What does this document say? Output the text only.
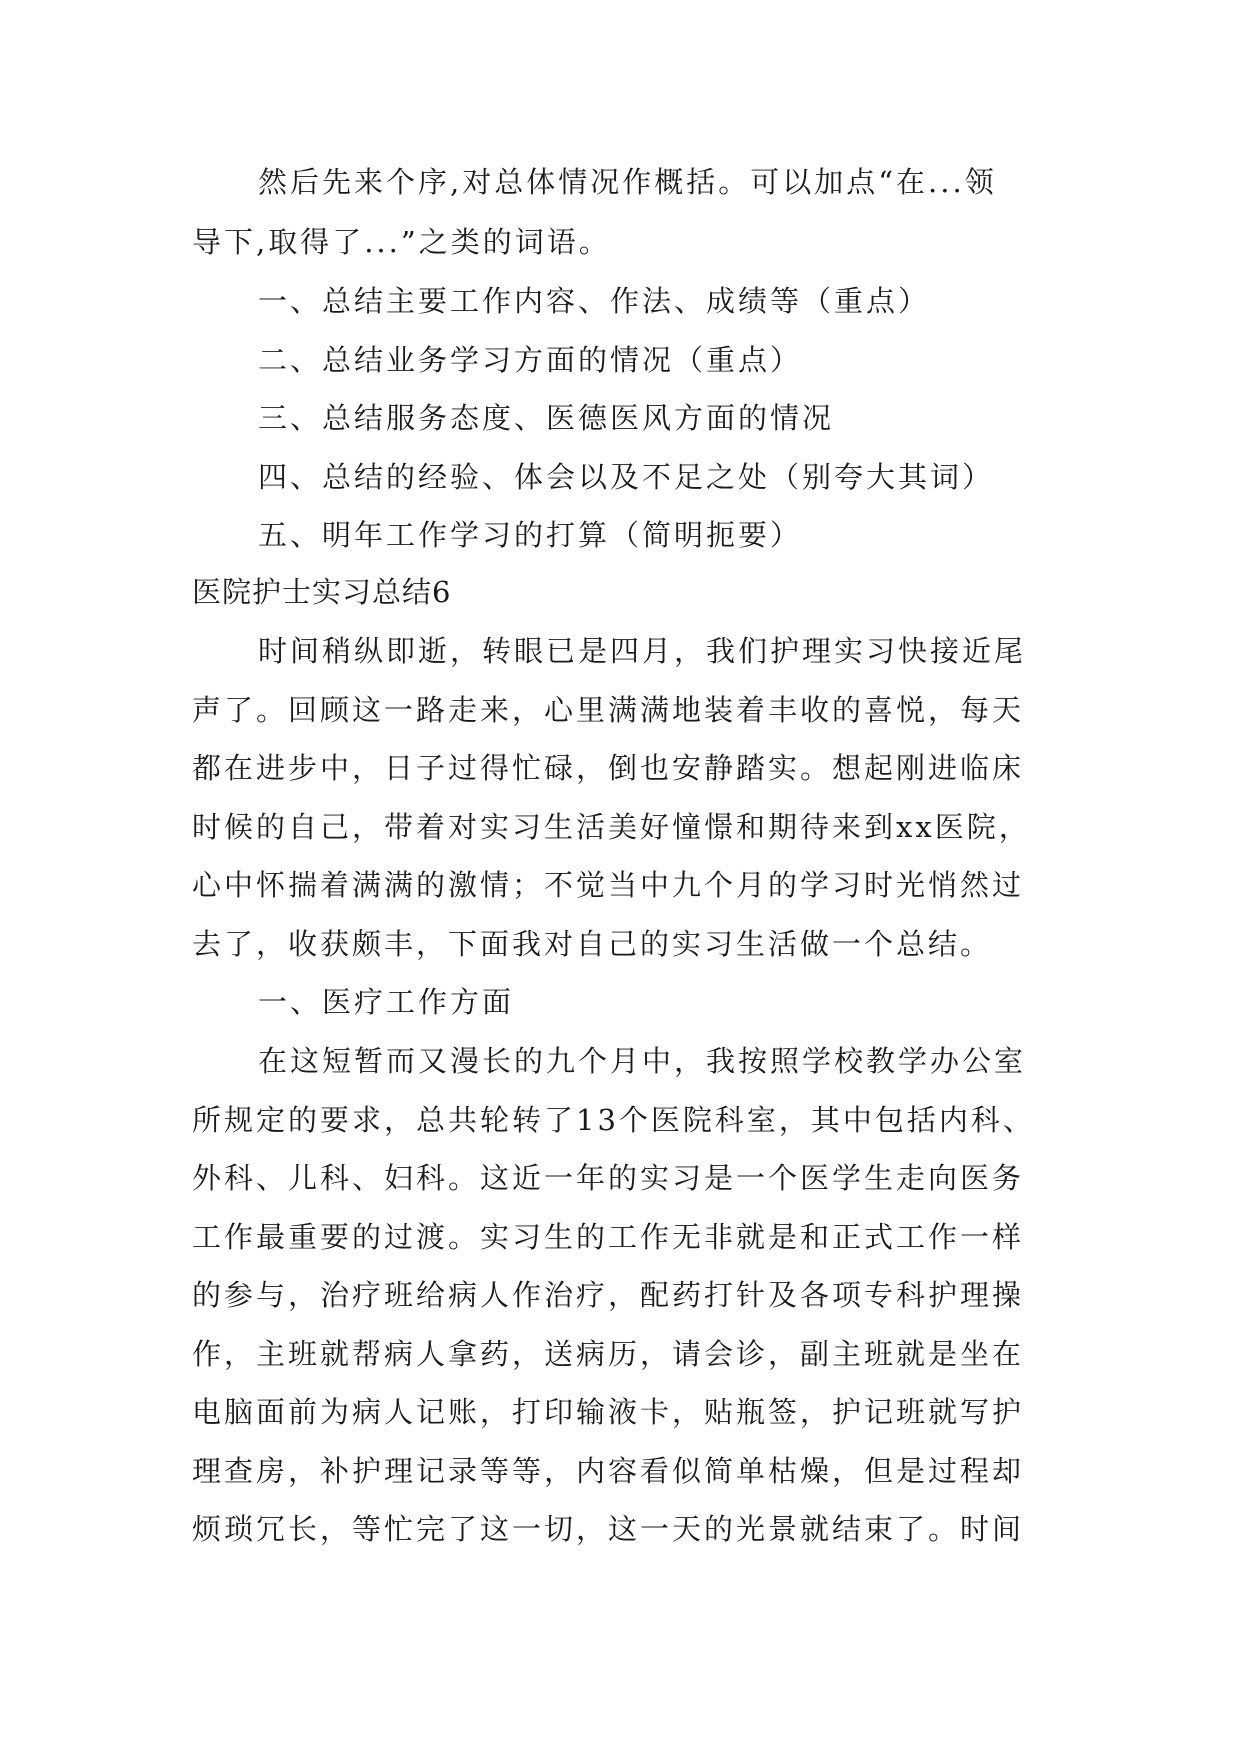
然后先来个序,对总体情况作概括。可以加点“在...领
导下,取得了...”之类的词语。
一、总结主要工作内容、作法、成绩等（重点）
二、总结业务学习方面的情况（重点）
三、总结服务态度、医德医风方面的情况
四、总结的经验、体会以及不足之处（别夸大其词）
五、明年工作学习的打算（简明扼要）
医院护士实习总结6
时间稍纵即逝，转眼已是四月，我们护理实习快接近尾
声了。回顾这一路走来，心里满满地装着丰收的喜悦，每天
都在进步中，日子过得忙碌，倒也安静踏实。想起刚进临床
时候的自己，带着对实习生活美好憧憬和期待来到xx医院，
心中怀揣着满满的激情；不觉当中九个月的学习时光悄然过
去了，收获颇丰，下面我对自己的实习生活做一个总结。
一、医疗工作方面
在这短暂而又漫长的九个月中，我按照学校教学办公室
所规定的要求，总共轮转了13个医院科室，其中包括内科、
外科、儿科、妇科。这近一年的实习是一个医学生走向医务
工作最重要的过渡。实习生的工作无非就是和正式工作一样
的参与，治疗班给病人作治疗，配药打针及各项专科护理操
作，主班就帮病人拿药，送病历，请会诊，副主班就是坐在
电脑面前为病人记账，打印输液卡，贴瓶签，护记班就写护
理查房，补护理记录等等，内容看似简单枯燥，但是过程却
烦琐冗长，等忙完了这一切，这一天的光景就结束了。时间
